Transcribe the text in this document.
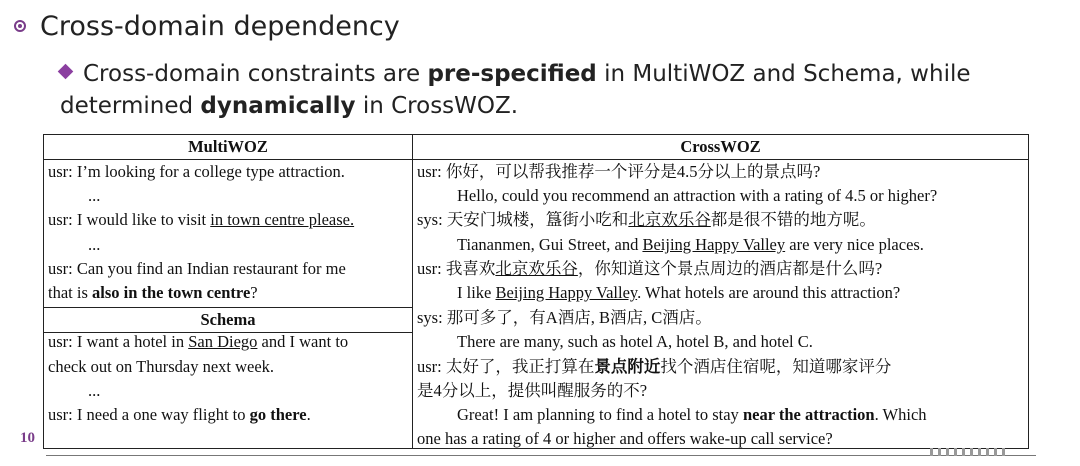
Cross-domain dependency
Cross-domain constraints are pre-specified in MultiWOZ and Schema, while determined dynamically in CrossWOZ.
MultiWOZ
usr: I’m looking for a college type attraction.
...
usr: I would like to visit in town centre please.
...
usr: Can you find an Indian restaurant for me
that is also in the town centre?
Schema
usr: I want a hotel in San Diego and I want to
check out on Thursday next week.
...
usr: I need a one way flight to go there.
CrossWOZ
usr: 你好，可以帮我推荐一个评分是4.5分以上的景点吗?
Hello, could you recommend an attraction with a rating of 4.5 or higher?
sys: 天安门城楼，簋街小吃和北京欢乐谷都是很不错的地方呢。
Tiananmen, Gui Street, and Beijing Happy Valley are very nice places.
usr: 我喜欢北京欢乐谷，你知道这个景点周边的酒店都是什么吗?
I like Beijing Happy Valley. What hotels are around this attraction?
sys: 那可多了，有A酒店, B酒店, C酒店。
There are many, such as hotel A, hotel B, and hotel C.
usr: 太好了，我正打算在景点附近找个酒店住宿呢，知道哪家评分
是4分以上，提供叫醒服务的不?
Great! I am planning to find a hotel to stay near the attraction. Which
one has a rating of 4 or higher and offers wake-up call service?
10
